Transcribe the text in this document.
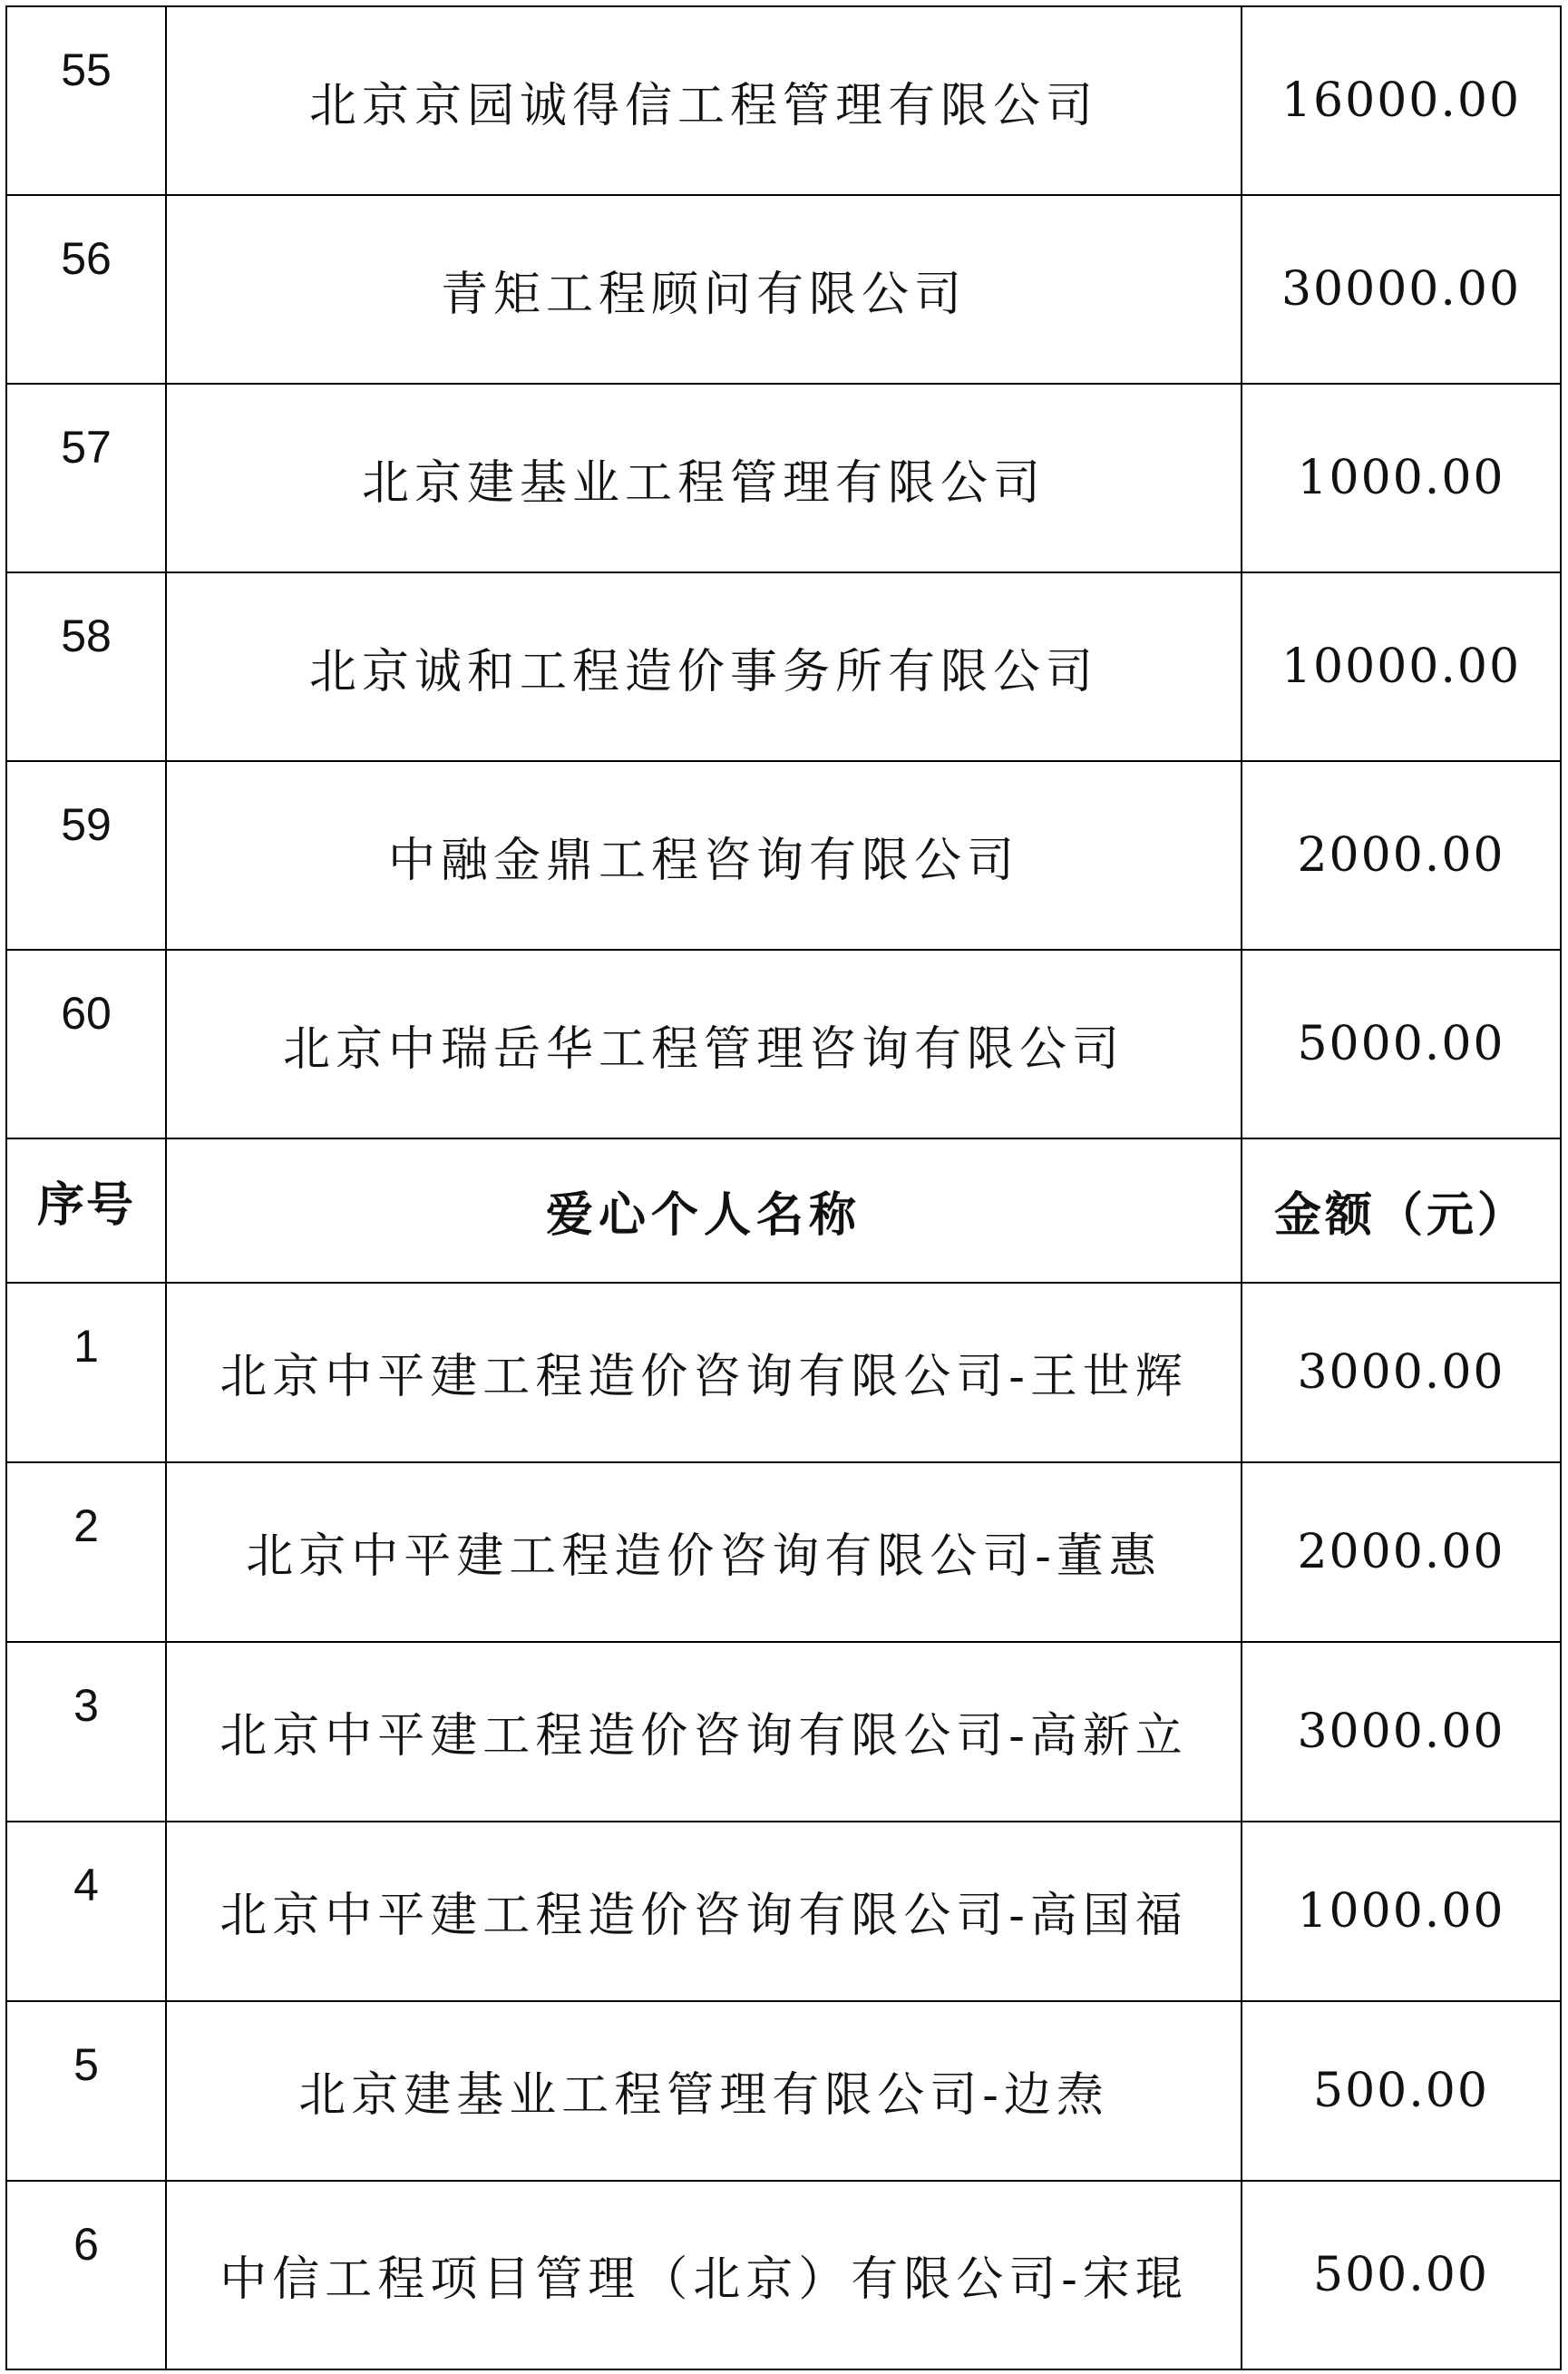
55	北京京园诚得信工程管理有限公司	16000.00
56	青矩工程顾问有限公司	30000.00
57	北京建基业工程管理有限公司	1000.00
58	北京诚和工程造价事务所有限公司	10000.00
59	中融金鼎工程咨询有限公司	2000.00
60	北京中瑞岳华工程管理咨询有限公司	5000.00
序号	爱心个人名称	金额（元）
1	北京中平建工程造价咨询有限公司-王世辉	3000.00
2	北京中平建工程造价咨询有限公司-董惠	2000.00
3	北京中平建工程造价咨询有限公司-高新立	3000.00
4	北京中平建工程造价咨询有限公司-高国福	1000.00
5	北京建基业工程管理有限公司-边焘	500.00
6	中信工程项目管理（北京）有限公司-宋琨	500.00
